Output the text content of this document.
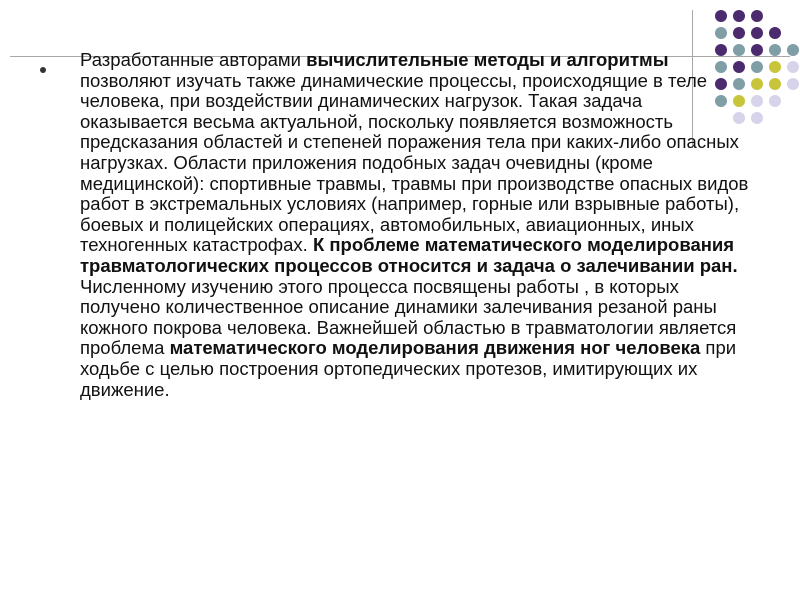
Разработанные авторами вычислительные методы и алгоритмы позволяют изучать также динамические процессы, происходящие в теле человека, при воздействии динамических нагрузок. Такая задача оказывается весьма актуальной, поскольку появляется возможность предсказания областей и степеней поражения тела при каких-либо опасных нагрузках. Области приложения подобных задач очевидны (кроме медицинской): спортивные травмы, травмы при производстве опасных видов работ в экстремальных условиях (например, горные или взрывные работы), боевых и полицейских операциях, автомобильных, авиационных, иных техногенных катастрофах. К проблеме математического моделирования травматологических процессов относится и задача о залечивании ран. Численному изучению этого процесса посвящены работы , в которых получено количественное описание динамики залечивания резаной раны кожного покрова человека. Важнейшей областью в травматологии является проблема математического моделирования движения ног человека при ходьбе с целью построения ортопедических протезов, имитирующих их движение.
